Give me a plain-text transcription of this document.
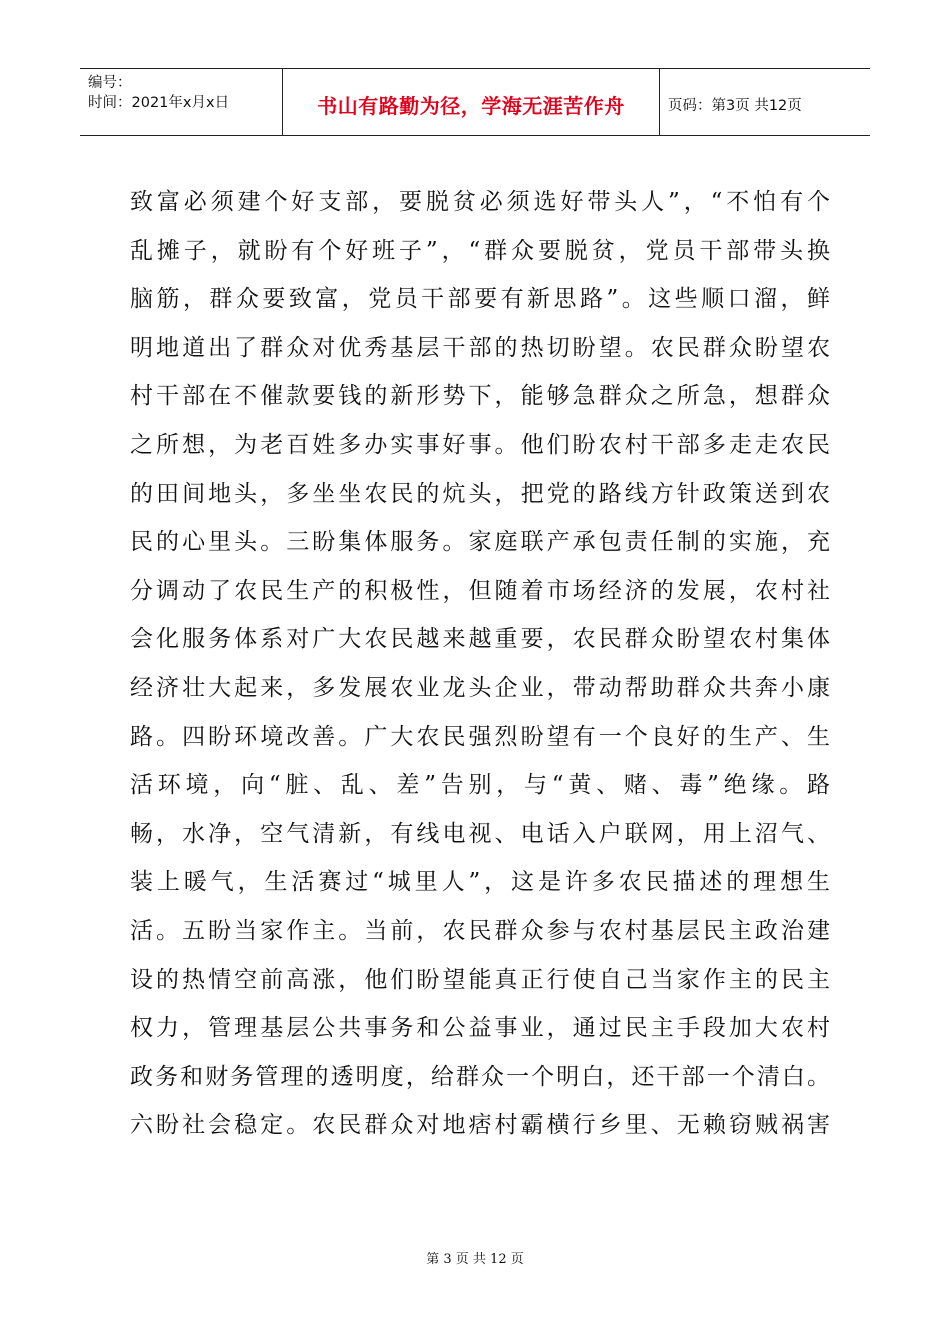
编号：
时间：2021年x月x日	书山有路勤为径，学海无涯苦作舟	页码：第3页 共12页
致富必须建个好支部，要脱贫必须选好带头人”，“不怕有个
乱摊子，就盼有个好班子”，“群众要脱贫，党员干部带头换
脑筋，群众要致富，党员干部要有新思路”。这些顺口溜，鲜
明地道出了群众对优秀基层干部的热切盼望。农民群众盼望农
村干部在不催款要钱的新形势下，能够急群众之所急，想群众
之所想，为老百姓多办实事好事。他们盼农村干部多走走农民
的田间地头，多坐坐农民的炕头，把党的路线方针政策送到农
民的心里头。三盼集体服务。家庭联产承包责任制的实施，充
分调动了农民生产的积极性，但随着市场经济的发展，农村社
会化服务体系对广大农民越来越重要，农民群众盼望农村集体
经济壮大起来，多发展农业龙头企业，带动帮助群众共奔小康
路。四盼环境改善。广大农民强烈盼望有一个良好的生产、生
活环境，向“脏、乱、差”告别，与“黄、赌、毒”绝缘。路
畅，水净，空气清新，有线电视、电话入户联网，用上沼气、
装上暖气，生活赛过“城里人”，这是许多农民描述的理想生
活。五盼当家作主。当前，农民群众参与农村基层民主政治建
设的热情空前高涨，他们盼望能真正行使自己当家作主的民主
权力，管理基层公共事务和公益事业，通过民主手段加大农村
政务和财务管理的透明度，给群众一个明白，还干部一个清白。
六盼社会稳定。农民群众对地痞村霸横行乡里、无赖窃贼祸害
第 3 页 共 12 页
